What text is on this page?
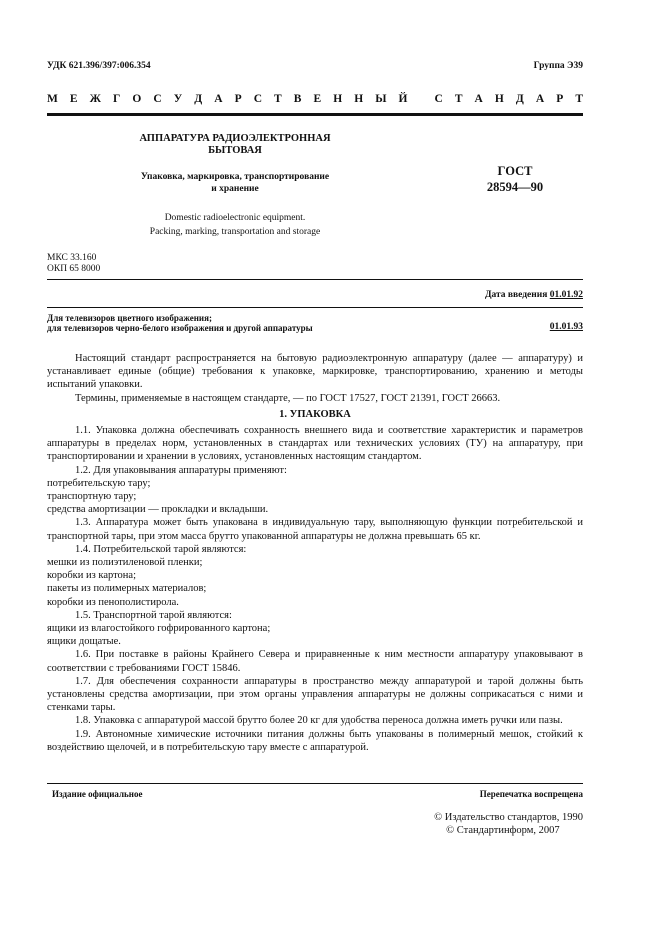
УДК 621.396/397:006.354	Группа Э39
М Е Ж Г О С У Д А Р С Т В Е Н Н Ы Й
С Т А Н Д А Р Т
АППАРАТУРА РАДИОЭЛЕКТРОННАЯ
БЫТОВАЯ
Упаковка, маркировка, транспортирование
и хранение
Domestic radioelectronic equipment.
Packing, marking, transportation and storage
ГОСТ
28594—90
МКС 33.160
ОКП 65 8000
Дата введения 01.01.92
Для телевизоров цветного изображения;
для телевизоров черно-белого изображения и другой аппаратуры	01.01.93

Настоящий стандарт распространяется на бытовую радиоэлектронную аппаратуру (далее — аппаратуру) и устанавливает единые (общие) требования к упаковке, маркировке, транспортированию, хранению и методы испытаний упаковки.

Термины, применяемые в настоящем стандарте, — по ГОСТ 17527, ГОСТ 21391, ГОСТ 26663.

1. УПАКОВКА

1.1. Упаковка должна обеспечивать сохранность внешнего вида и соответствие характеристик и параметров аппаратуры в пределах норм, установленных в стандартах или технических условиях (ТУ) на аппаратуру, при транспортировании и хранении в условиях, установленных настоящим стандартом.

1.2. Для упаковывания аппаратуры применяют:

потребительскую тару;

транспортную тару;

средства амортизации — прокладки и вкладыши.

1.3. Аппаратура может быть упакована в индивидуальную тару, выполняющую функции потребительской и транспортной тары, при этом масса брутто упакованной аппаратуры не должна превышать 65 кг.

1.4. Потребительской тарой являются:

мешки из полиэтиленовой пленки;

коробки из картона;

пакеты из полимерных материалов;

коробки из пенополистирола.

1.5. Транспортной тарой являются:

ящики из влагостойкого гофрированного картона;

ящики дощатые.

1.6. При поставке в районы Крайнего Севера и приравненные к ним местности аппаратуру упаковывают в соответствии с требованиями ГОСТ 15846.

1.7. Для обеспечения сохранности аппаратуры в пространство между аппаратурой и тарой должны быть установлены средства амортизации, при этом органы управления аппаратуры не должны соприкасаться с ними и стенками тары.

1.8. Упаковка с аппаратурой массой брутто более 20 кг для удобства переноса должна иметь ручки или пазы.

1.9. Автономные химические источники питания должны быть упакованы в полимерный мешок, стойкий к воздействию щелочей, и в потребительскую тару вместе с аппаратурой.

Издание официальное	Перепечатка воспрещена
© Издательство стандартов, 1990
© Стандартинформ, 2007
